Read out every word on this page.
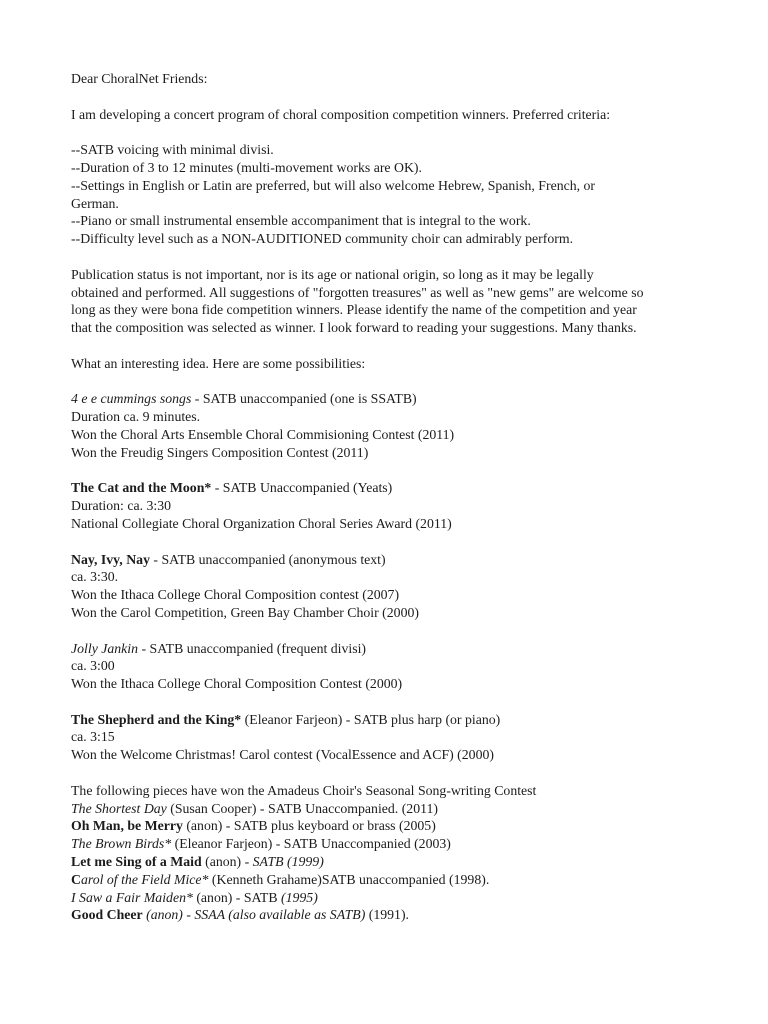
Dear ChoralNet Friends:
I am developing a concert program of choral composition competition winners. Preferred criteria:
--SATB voicing with minimal divisi.
--Duration of 3 to 12 minutes (multi-movement works are OK).
--Settings in English or Latin are preferred, but will also welcome Hebrew, Spanish, French, or
German.
--Piano or small instrumental ensemble accompaniment that is integral to the work.
--Difficulty level such as a NON-AUDITIONED community choir can admirably perform.
Publication status is not important, nor is its age or national origin, so long as it may be legally
obtained and performed. All suggestions of "forgotten treasures" as well as "new gems" are welcome so
long as they were bona fide competition winners. Please identify the name of the competition and year
that the composition was selected as winner. I look forward to reading your suggestions. Many thanks.
What an interesting idea. Here are some possibilities:
4 e e cummings songs - SATB unaccompanied (one is SSATB)
Duration ca. 9 minutes.
Won the Choral Arts Ensemble Choral Commisioning Contest (2011)
Won the Freudig Singers Composition Contest (2011)
The Cat and the Moon* - SATB Unaccompanied (Yeats)
Duration: ca. 3:30
National Collegiate Choral Organization Choral Series Award (2011)
Nay, Ivy, Nay - SATB unaccompanied (anonymous text)
ca. 3:30.
Won the Ithaca College Choral Composition contest (2007)
Won the Carol Competition, Green Bay Chamber Choir (2000)
Jolly Jankin - SATB unaccompanied (frequent divisi)
ca. 3:00
Won the Ithaca College Choral Composition Contest (2000)
The Shepherd and the King* (Eleanor Farjeon) - SATB plus harp (or piano)
ca. 3:15
Won the Welcome Christmas! Carol contest (VocalEssence and ACF) (2000)
The following pieces have won the Amadeus Choir's Seasonal Song-writing Contest
The Shortest Day (Susan Cooper) - SATB Unaccompanied. (2011)
Oh Man, be Merry (anon) - SATB plus keyboard or brass (2005)
The Brown Birds* (Eleanor Farjeon) - SATB Unaccompanied (2003)
Let me Sing of a Maid (anon) - SATB (1999)
Carol of the Field Mice* (Kenneth Grahame)SATB unaccompanied (1998).
I Saw a Fair Maiden* (anon) - SATB (1995)
Good Cheer (anon) - SSAA (also available as SATB) (1991).
